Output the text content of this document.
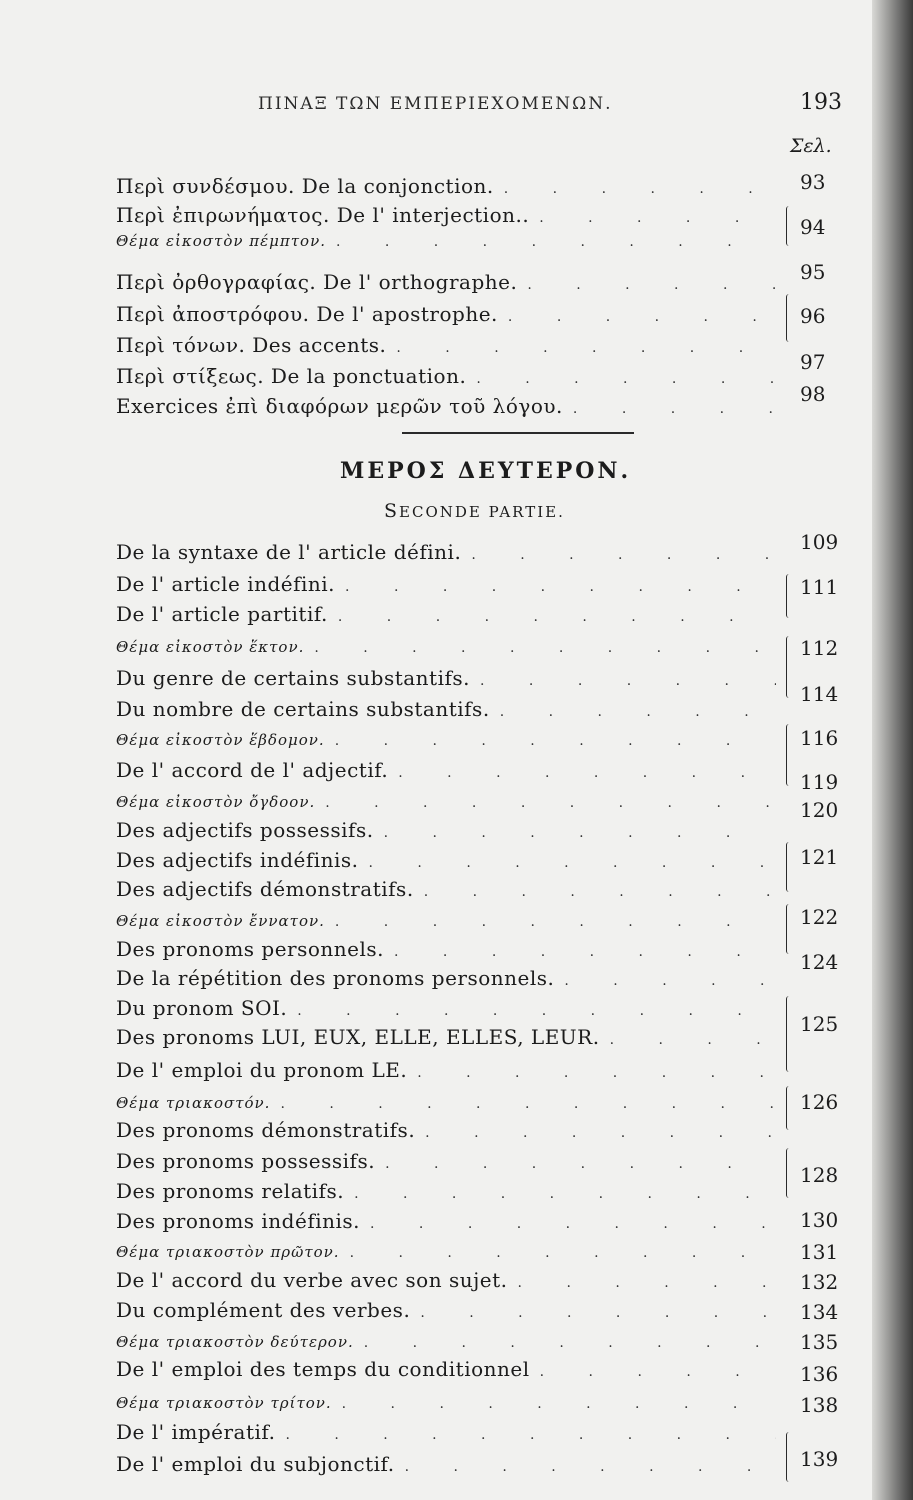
ΠΙΝΑΞ ΤΩΝ ΕΜΠΕΡΙΕΧΟΜΕΝΩΝ.	193
Σελ.
Περὶ συνδέσμου. De la conjonction.
. . .
Περὶ ἐπιρωνήματος. De l' interjection..
. . .
Θέμα εἰκοστὸν πέμπτον.
. . .
Περὶ ὀρθογραφίας. De l' orthographe.
. . .
Περὶ ἀποστρόφου. De l' apostrophe.
. . .
Περὶ τόνων. Des accents.
. . .
Περὶ στίξεως. De la ponctuation.
. . .
Exercices ἐπὶ διαφόρων μερῶν τοῦ λόγου.
. . .
93
94
95
96
97
98
ΜΕΡΟΣ ΔΕΥΤΕΡΟΝ.
SECONDE PARTIE.
De la syntaxe de l' article défini.
. . .
De l' article indéfini.
. . .
De l' article partitif.
. . .
Θέμα εἰκοστὸν ἕκτον.
. . .
Du genre de certains substantifs.
. . .
Du nombre de certains substantifs.
. . .
Θέμα εἰκοστὸν ἕβδομον.
. . .
De l' accord de l' adjectif.
. . .
Θέμα εἰκοστὸν ὄγδοον.
. . .
Des adjectifs possessifs.
. . .
Des adjectifs indéfinis.
. . .
Des adjectifs démonstratifs.
. . .
Θέμα εἰκοστὸν ἔννατον.
. . .
Des pronoms personnels.
. . .
De la répétition des pronoms personnels.
. . .
Du pronom SOI.
. . .
Des pronoms LUI, EUX, ELLE, ELLES, LEUR.
. . .
De l' emploi du pronom LE.
. . .
Θέμα τριακοστόν.
. . .
Des pronoms démonstratifs.
. . .
Des pronoms possessifs.
. . .
Des pronoms relatifs.
. . .
Des pronoms indéfinis.
. . .
Θέμα τριακοστὸν πρῶτον.
. . .
De l' accord du verbe avec son sujet.
. . .
Du complément des verbes.
. . .
Θέμα τριακοστὸν δεύτερον.
. . .
De l' emploi des temps du conditionnel
. . .
Θέμα τριακοστὸν τρίτον.
. . .
De l' impératif.
. . .
De l' emploi du subjonctif.
. . .
109
111
112
114
116
119
120
121
122
124
125
126
128
130
131
132
134
135
136
138
139
